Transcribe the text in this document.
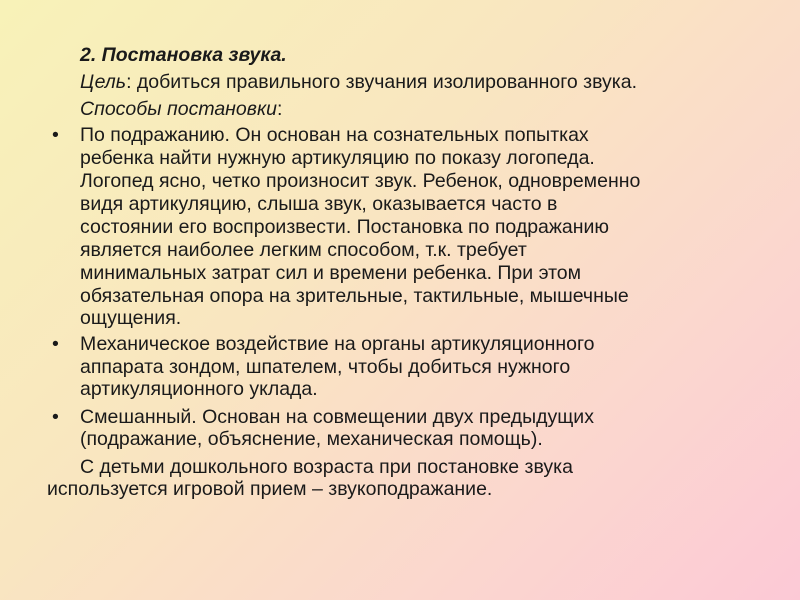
2. Постановка звука.
Цель: добиться правильного звучания изолированного звука.
Способы постановки:
• По подражанию. Он основан на сознательных попытках
ребенка найти нужную артикуляцию по показу логопеда.
Логопед ясно, четко произносит звук. Ребенок, одновременно
видя артикуляцию, слыша звук, оказывается часто в
состоянии его воспроизвести. Постановка по подражанию
является наиболее легким способом, т.к. требует
минимальных затрат сил и времени ребенка. При этом
обязательная опора на зрительные, тактильные, мышечные
ощущения.
• Механическое воздействие на органы артикуляционного
аппарата зондом, шпателем, чтобы добиться нужного
артикуляционного уклада.
• Смешанный. Основан на совмещении двух предыдущих
(подражание, объяснение, механическая помощь).
С детьми дошкольного возраста при постановке звука
используется игровой прием – звукоподражание.
